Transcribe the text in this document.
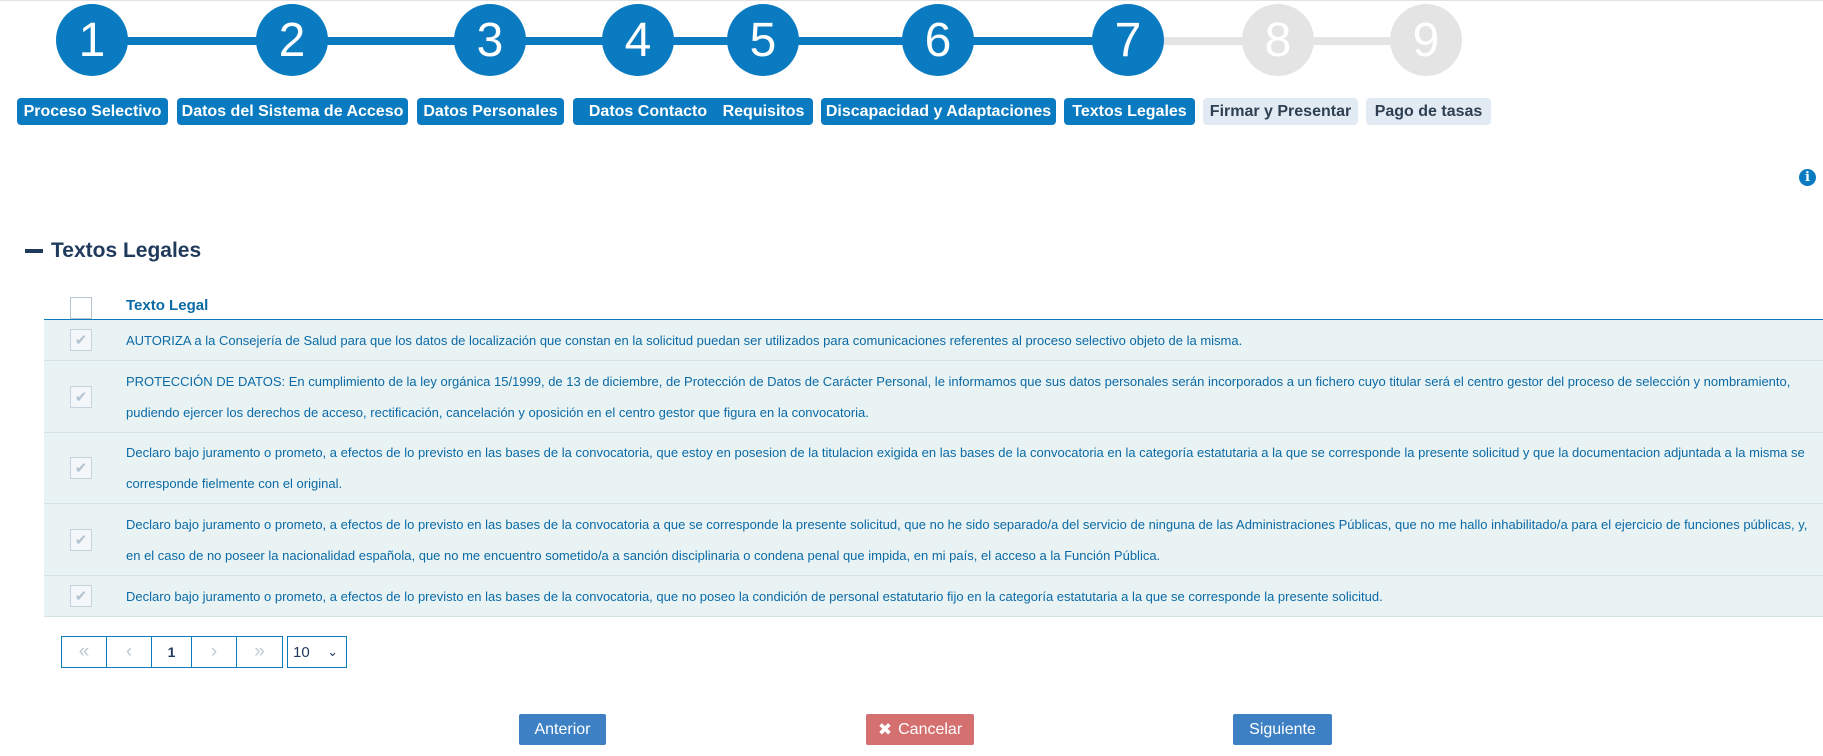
1	2	3	4	5	6	7	8	9
Proceso Selectivo	Datos del Sistema de Acceso	Datos Personales	Datos Contacto Requisitos	Discapacidad y Adaptaciones	Textos Legales	Firmar y Presentar	Pago de tasas
i
Textos Legales
Texto Legal
✔	AUTORIZA a la Consejería de Salud para que los datos de localización que constan en la solicitud puedan ser utilizados para comunicaciones referentes al proceso selectivo objeto de la misma.
✔
PROTECCIÓN DE DATOS: En cumplimiento de la ley orgánica 15/1999, de 13 de diciembre, de Protección de Datos de Carácter Personal, le informamos que sus datos personales serán incorporados a un fichero cuyo titular será el centro gestor del proceso de selección y nombramiento, pudiendo ejercer los derechos de acceso, rectificación, cancelación y oposición en el centro gestor que figura en la convocatoria.
✔
Declaro bajo juramento o prometo, a efectos de lo previsto en las bases de la convocatoria, que estoy en posesion de la titulacion exigida en las bases de la convocatoria en la categoría estatutaria a la que se corresponde la presente solicitud y que la documentacion adjuntada a la misma se corresponde fielmente con el original.
✔
Declaro bajo juramento o prometo, a efectos de lo previsto en las bases de la convocatoria a que se corresponde la presente solicitud, que no he sido separado/a del servicio de ninguna de las Administraciones Públicas, que no me hallo inhabilitado/a para el ejercicio de funciones públicas, y, en el caso de no poseer la nacionalidad española, que no me encuentro sometido/a a sanción disciplinaria o condena penal que impida, en mi país, el acceso a la Función Pública.
✔	Declaro bajo juramento o prometo, a efectos de lo previsto en las bases de la convocatoria, que no poseo la condición de personal estatutario fijo en la categoría estatutaria a la que se corresponde la presente solicitud.
«	‹	1	›	»	10 ⌄
Anterior	✖ Cancelar	Siguiente
